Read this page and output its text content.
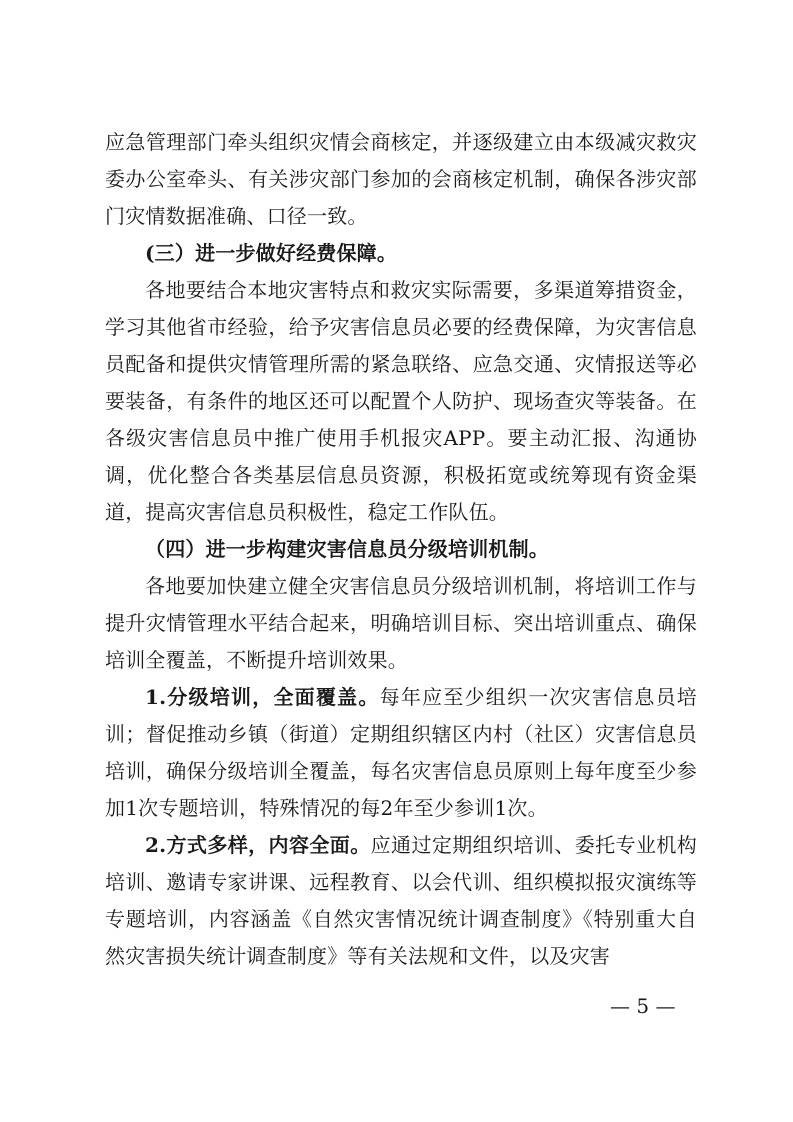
应急管理部门牵头组织灾情会商核定，并逐级建立由本级减灾救灾委办公室牵头、有关涉灾部门参加的会商核定机制，确保各涉灾部门灾情数据准确、口径一致。

(三）进一步做好经费保障。

各地要结合本地灾害特点和救灾实际需要，多渠道筹措资金，学习其他省市经验，给予灾害信息员必要的经费保障，为灾害信息员配备和提供灾情管理所需的紧急联络、应急交通、灾情报送等必要装备，有条件的地区还可以配置个人防护、现场查灾等装备。在各级灾害信息员中推广使用手机报灾APP。要主动汇报、沟通协调，优化整合各类基层信息员资源，积极拓宽或统筹现有资金渠道，提高灾害信息员积极性，稳定工作队伍。

（四）进一步构建灾害信息员分级培训机制。

各地要加快建立健全灾害信息员分级培训机制，将培训工作与提升灾情管理水平结合起来，明确培训目标、突出培训重点、确保培训全覆盖，不断提升培训效果。

1.分级培训，全面覆盖。每年应至少组织一次灾害信息员培训；督促推动乡镇（街道）定期组织辖区内村（社区）灾害信息员培训，确保分级培训全覆盖，每名灾害信息员原则上每年度至少参加1次专题培训，特殊情况的每2年至少参训1次。

2.方式多样，内容全面。应通过定期组织培训、委托专业机构培训、邀请专家讲课、远程教育、以会代训、组织模拟报灾演练等专题培训，内容涵盖《自然灾害情况统计调查制度》《特别重大自然灾害损失统计调查制度》等有关法规和文件，以及灾害

— 5 —
